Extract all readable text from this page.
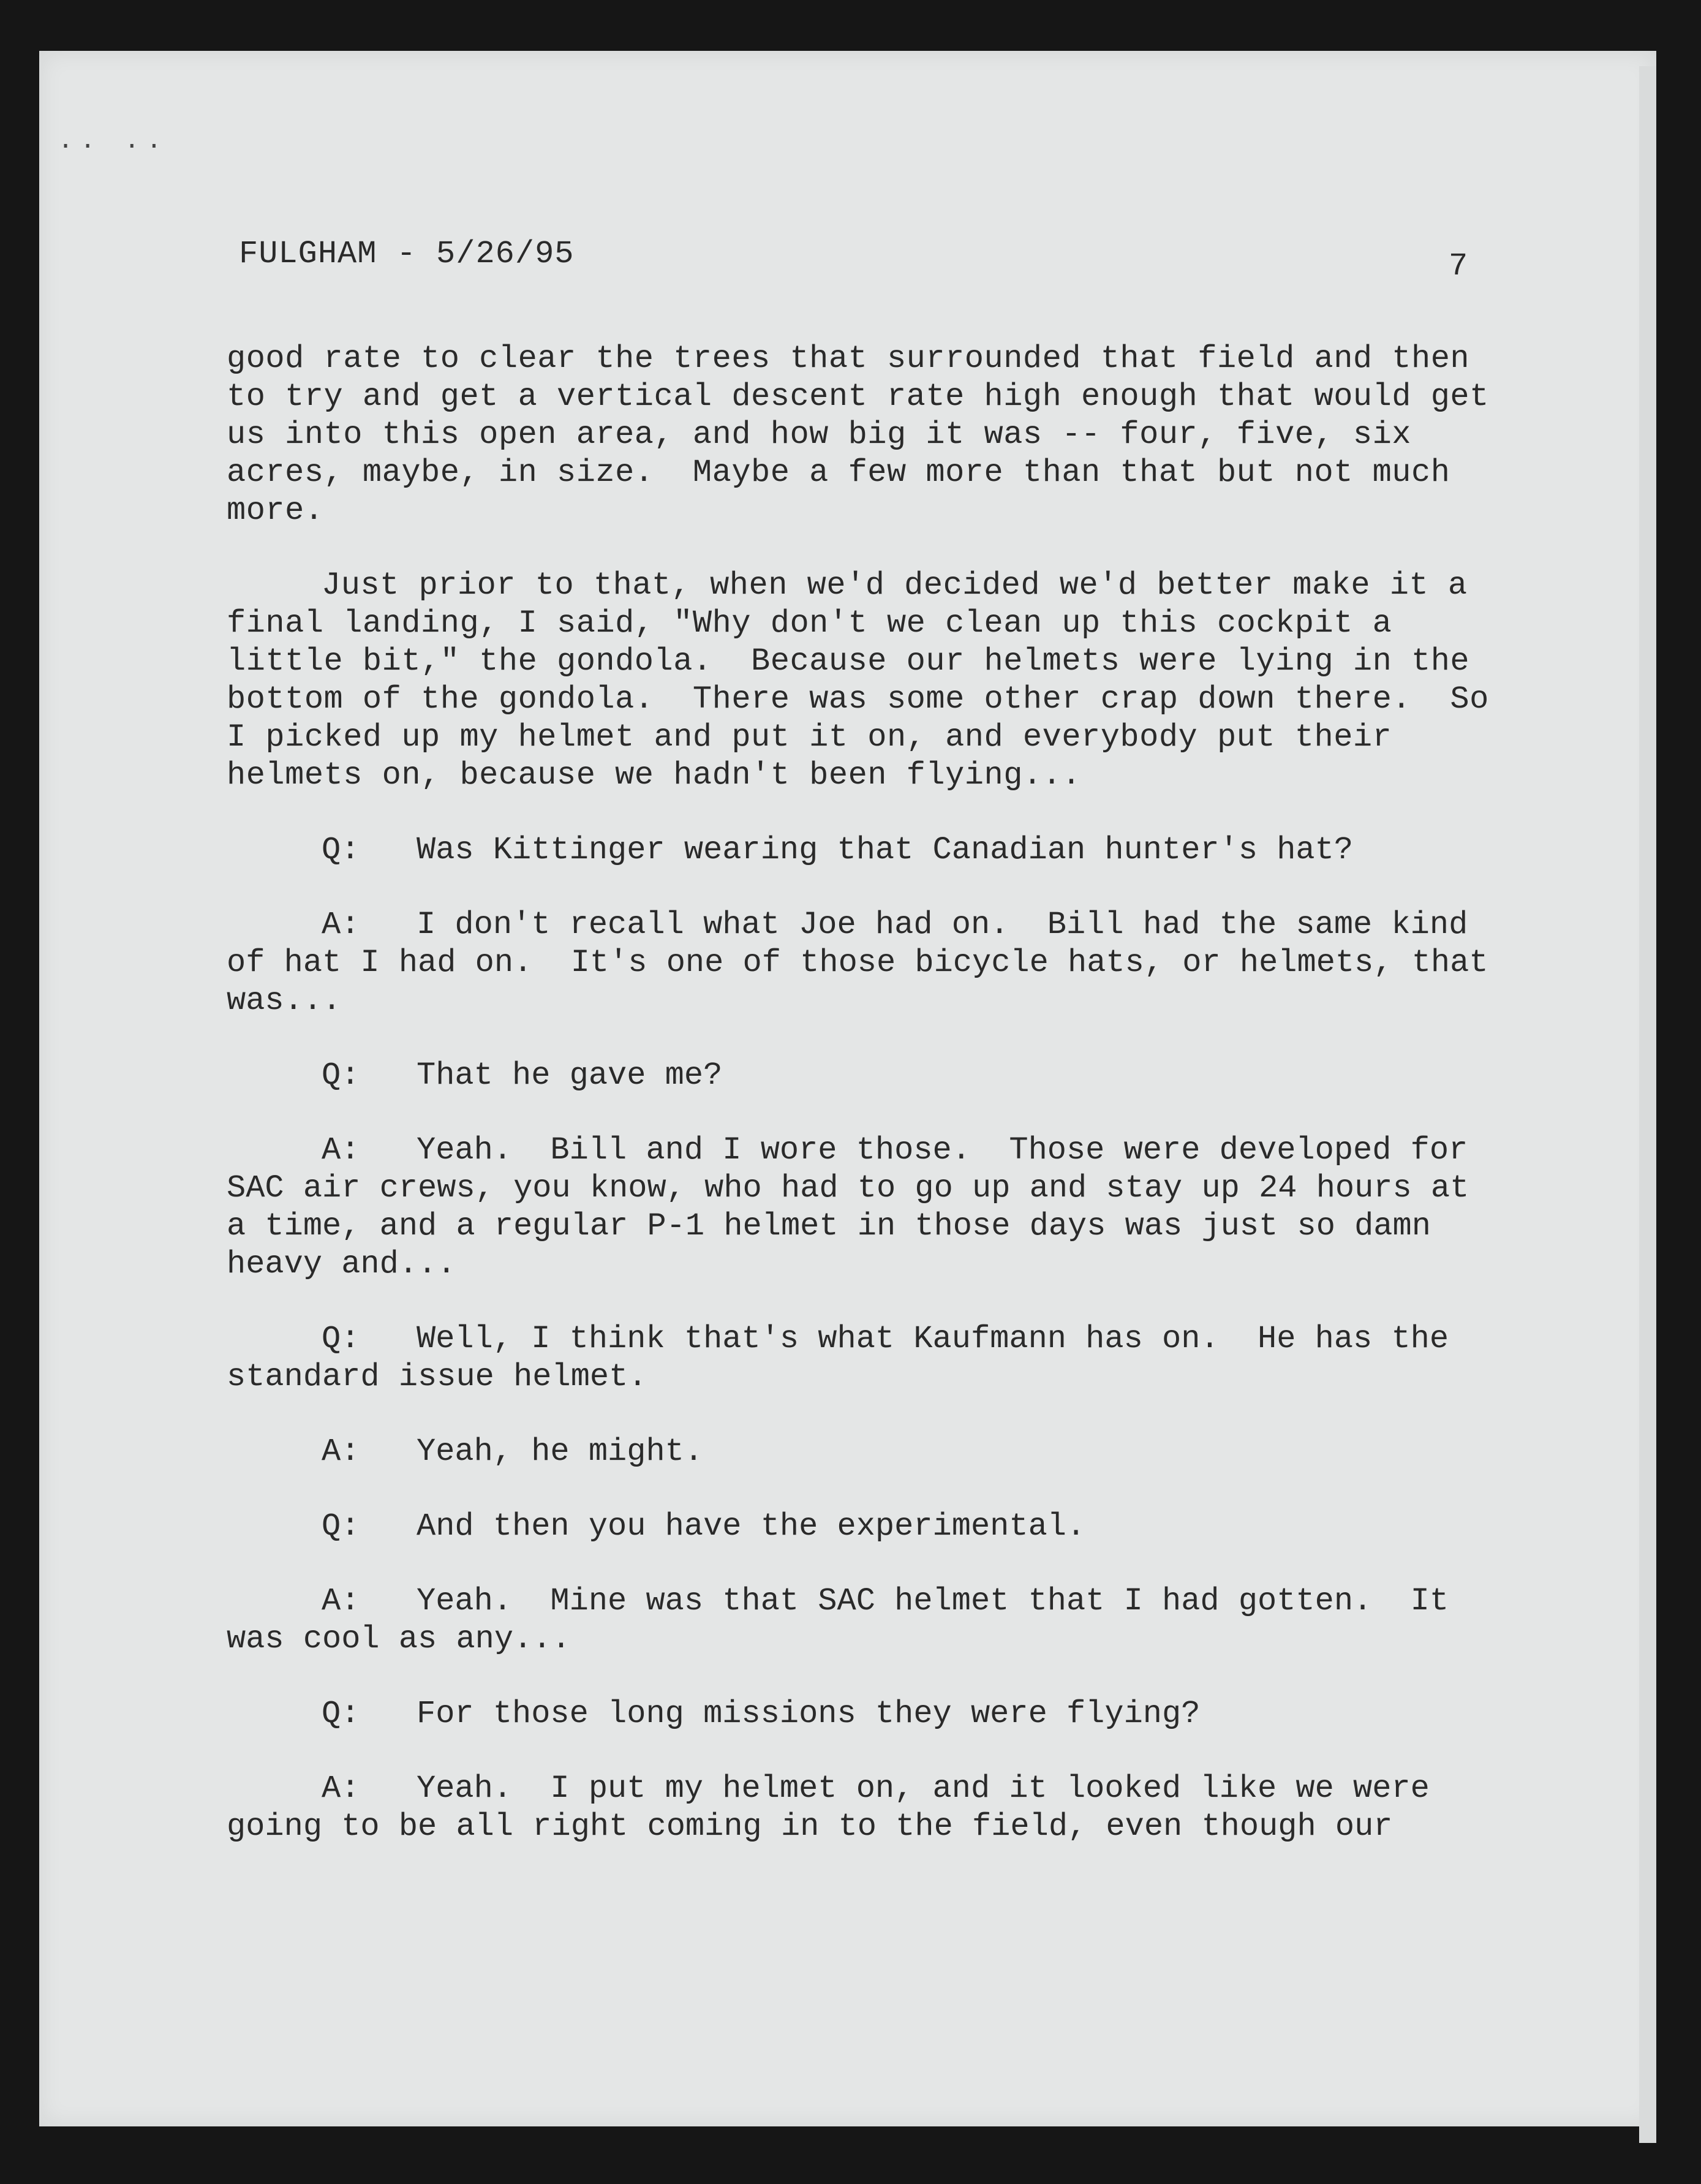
.. ..
FULGHAM - 5/26/95	7

good rate to clear the trees that surrounded that field and then to try and get a vertical descent rate high enough that would get us into this open area, and how big it was -- four, five, six acres, maybe, in size.  Maybe a few more than that but not much more.

Just prior to that, when we'd decided we'd better make it a final landing, I said, "Why don't we clean up this cockpit a little bit," the gondola.  Because our helmets were lying in the bottom of the gondola.  There was some other crap down there.  So I picked up my helmet and put it on, and everybody put their helmets on, because we hadn't been flying...

Q: Was Kittinger wearing that Canadian hunter's hat?

A: I don't recall what Joe had on.  Bill had the same kind of hat I had on.  It's one of those bicycle hats, or helmets, that was...

Q: That he gave me?

A: Yeah.  Bill and I wore those.  Those were developed for SAC air crews, you know, who had to go up and stay up 24 hours at a time, and a regular P-1 helmet in those days was just so damn heavy and...

Q: Well, I think that's what Kaufmann has on.  He has the standard issue helmet.

A: Yeah, he might.

Q: And then you have the experimental.

A: Yeah.  Mine was that SAC helmet that I had gotten.  It was cool as any...

Q: For those long missions they were flying?

A: Yeah.  I put my helmet on, and it looked like we were going to be all right coming in to the field, even though our
